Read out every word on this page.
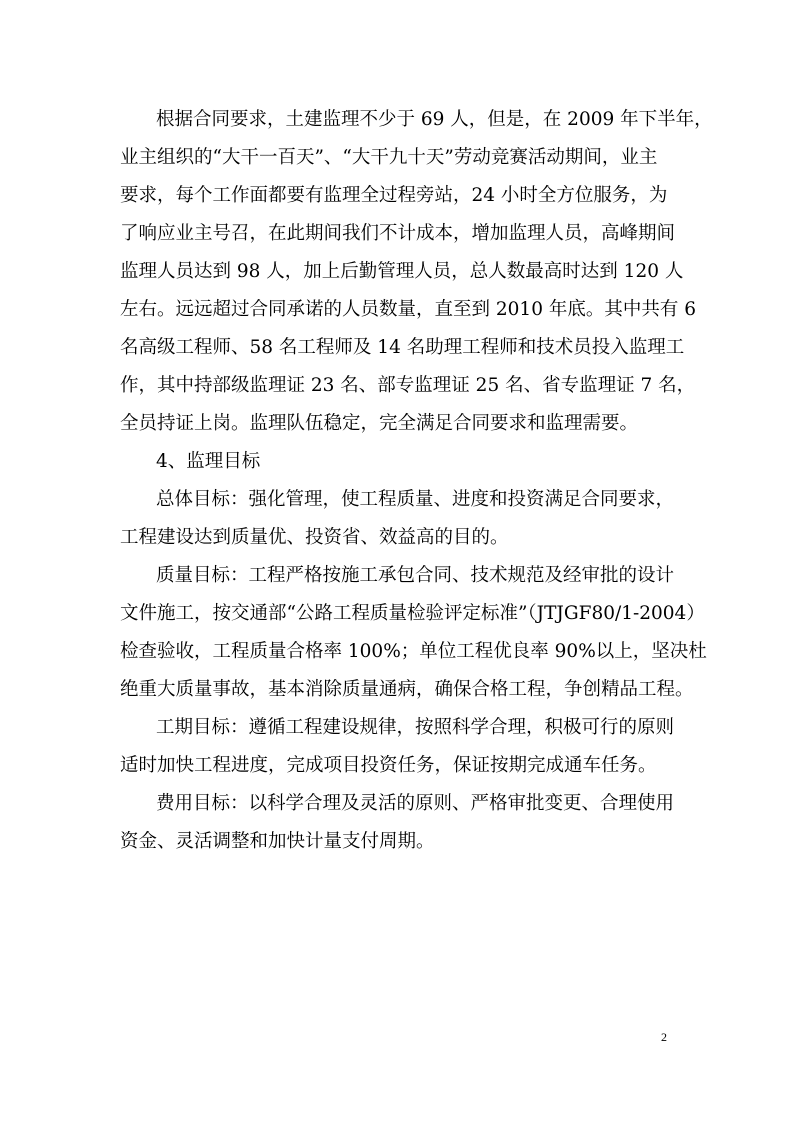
根据合同要求，土建监理不少于 69 人，但是，在 2009 年下半年，
业主组织的“大干一百天”、“大干九十天”劳动竞赛活动期间，业主
要求，每个工作面都要有监理全过程旁站，24 小时全方位服务，为
了响应业主号召，在此期间我们不计成本，增加监理人员，高峰期间
监理人员达到 98 人，加上后勤管理人员，总人数最高时达到 120 人
左右。远远超过合同承诺的人员数量，直至到 2010 年底。其中共有 6
名高级工程师、58 名工程师及 14 名助理工程师和技术员投入监理工
作，其中持部级监理证 23 名、部专监理证 25 名、省专监理证 7 名，
全员持证上岗。监理队伍稳定，完全满足合同要求和监理需要。
4、监理目标
总体目标：强化管理，使工程质量、进度和投资满足合同要求，
工程建设达到质量优、投资省、效益高的目的。
质量目标：工程严格按施工承包合同、技术规范及经审批的设计
文件施工，按交通部“公路工程质量检验评定标准”（JTJGF80/1-2004）
检查验收，工程质量合格率 100%；单位工程优良率 90%以上，坚决杜
绝重大质量事故，基本消除质量通病，确保合格工程，争创精品工程。
工期目标：遵循工程建设规律，按照科学合理，积极可行的原则
适时加快工程进度，完成项目投资任务，保证按期完成通车任务。
费用目标：以科学合理及灵活的原则、严格审批变更、合理使用
资金、灵活调整和加快计量支付周期。
2
